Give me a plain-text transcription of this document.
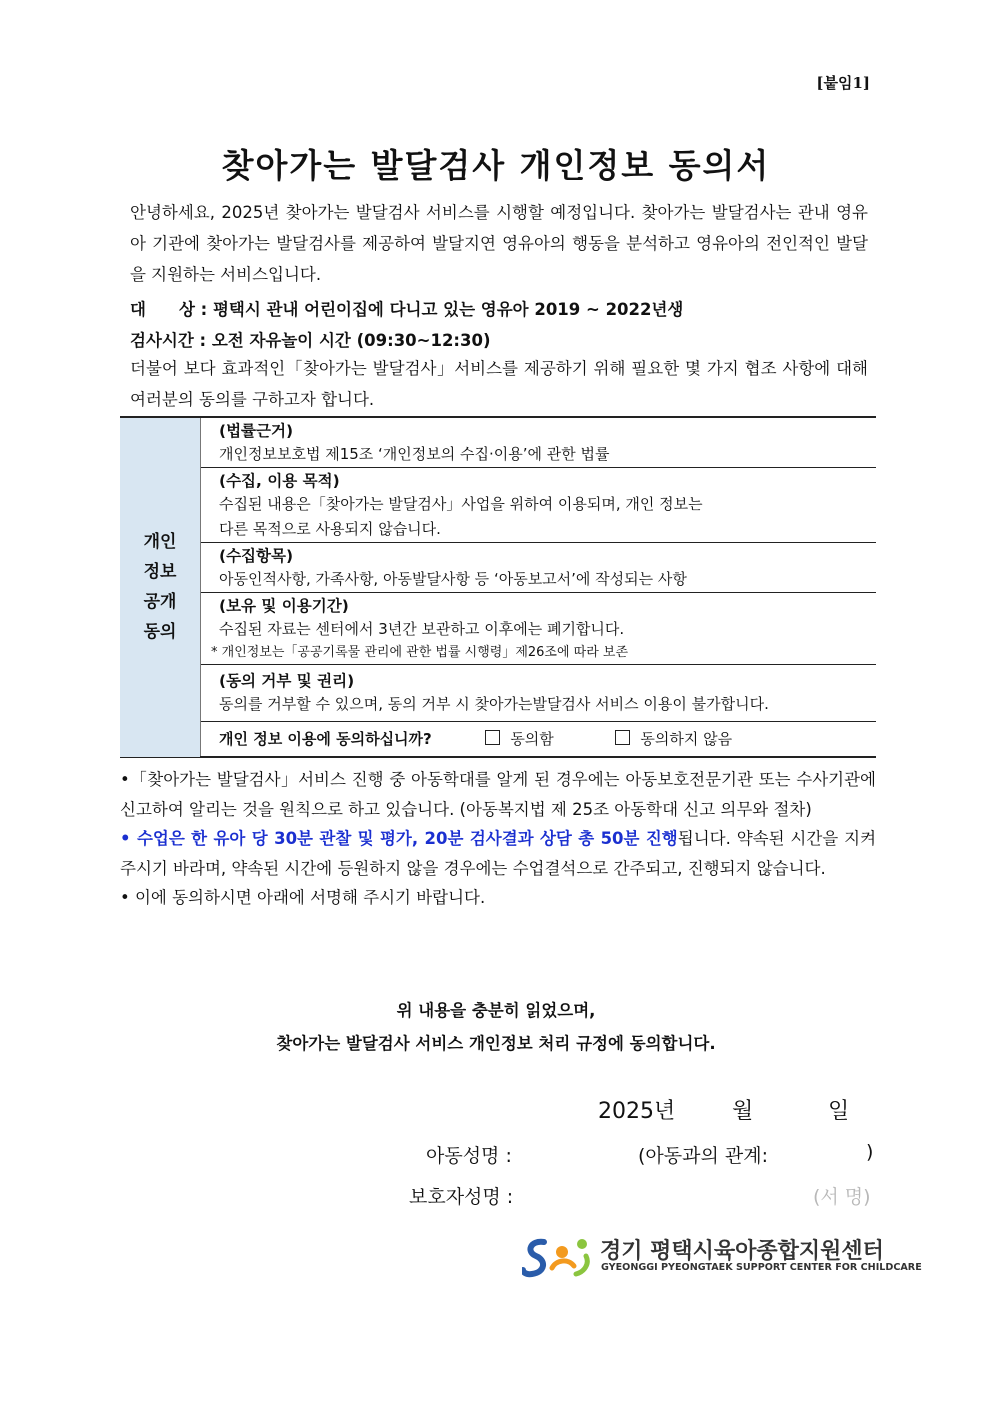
[붙임1]
찾아가는 발달검사 개인정보 동의서
안녕하세요, 2025년 찾아가는 발달검사 서비스를 시행할 예정입니다. 찾아가는 발달검사는 관내 영유아 기관에 찾아가는 발달검사를 제공하여 발달지연 영유아의 행동을 분석하고 영유아의 전인적인 발달을 지원하는 서비스입니다.
대　　상 : 평택시 관내 어린이집에 다니고 있는 영유아 2019 ~ 2022년생
검사시간 : 오전 자유놀이 시간 (09:30~12:30)
더불어 보다 효과적인「찾아가는 발달검사」서비스를 제공하기 위해 필요한 몇 가지 협조 사항에 대해 여러분의 동의를 구하고자 합니다.
개인
정보
공개
동의

(법률근거)
개인정보보호법 제15조 ‘개인정보의 수집·이용’에 관한 법률

(수집, 이용 목적)
수집된 내용은「찾아가는 발달검사」사업을 위하여 이용되며, 개인 정보는
다른 목적으로 사용되지 않습니다.

(수집항목)
아동인적사항, 가족사항, 아동발달사항 등 ‘아동보고서’에 작성되는 사항

(보유 및 이용기간)
수집된 자료는 센터에서 3년간 보관하고 이후에는 폐기합니다.
* 개인정보는「공공기록물 관리에 관한 법률 시행령」제26조에 따라 보존

(동의 거부 및 권리)
동의를 거부할 수 있으며, 동의 거부 시 찾아가는발달검사 서비스 이용이 불가합니다.

개인 정보 이용에 동의하십니까?	동의함	동의하지 않음
•「찾아가는 발달검사」서비스 진행 중 아동학대를 알게 된 경우에는 아동보호전문기관 또는 수사기관에 신고하여 알리는 것을 원칙으로 하고 있습니다. (아동복지법 제 25조 아동학대 신고 의무와 절차)
• 수업은 한 유아 당 30분 관찰 및 평가, 20분 검사결과 상담 총 50분 진행됩니다. 약속된 시간을 지켜주시기 바라며, 약속된 시간에 등원하지 않을 경우에는 수업결석으로 간주되고, 진행되지 않습니다.
• 이에 동의하시면 아래에 서명해 주시기 바랍니다.
위 내용을 충분히 읽었으며,
찾아가는 발달검사 서비스 개인정보 처리 규정에 동의합니다.
2025년	월	일
아동성명 :	(아동과의 관계:	)
보호자성명 :	(서 명)
경기 평택시육아종합지원센터
GYEONGGI PYEONGTAEK SUPPORT CENTER FOR CHILDCARE
